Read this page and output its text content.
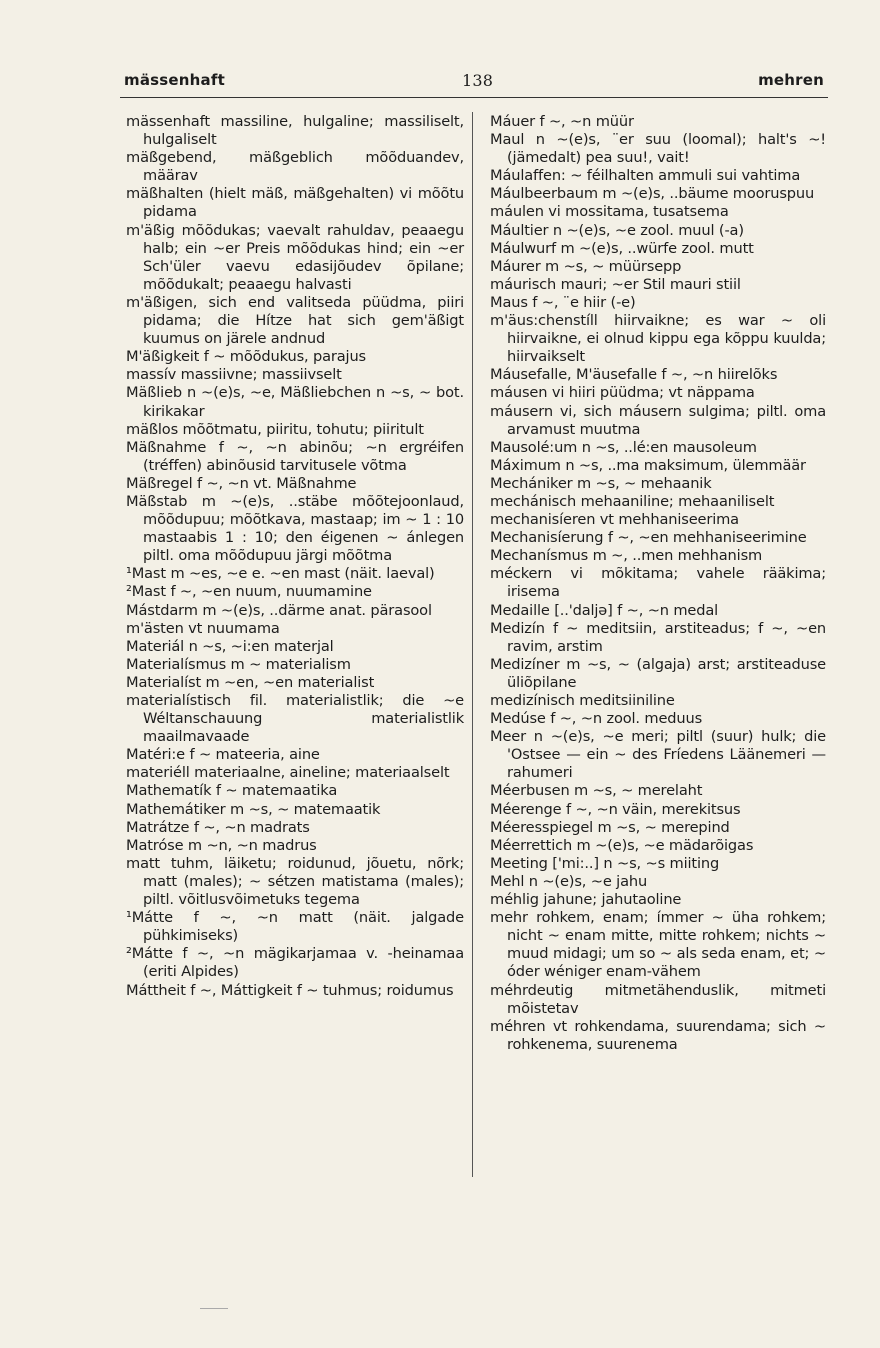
mässenhaft	138	mehren

mässenhaft massiline, hulgaline; massiliselt, hulgaliselt

mäßgebend, mäßgeblich mõõduandev, määrav

mäßhalten (hielt mäß, mäßgehalten) vi mõõtu pidama

m'äßig mõõdukas; vaevalt rahuldav, peaaegu halb; ein ~er Preis mõõdukas hind; ein ~er Sch'üler vaevu edasijõudev õpilane; mõõdukalt; peaaegu halvasti

m'äßigen, sich end valitseda püüdma, piiri pidama; die Hítze hat sich gem'äßigt kuumus on järele andnud

M'äßigkeit f ~ mõõdukus, parajus

massív massiivne; massiivselt

Mäßlieb n ~(e)s, ~e, Mäßliebchen n ~s, ~ bot. kirikakar

mäßlos mõõtmatu, piiritu, tohutu; piiritult

Mäßnahme f ~, ~n abinõu; ~n ergréifen (tréffen) abinõusid tarvitusele võtma

Mäßregel f ~, ~n vt. Mäßnahme

Mäßstab m ~(e)s, ..stäbe mõõtejoonlaud, mõõdupuu; mõõtkava, mastaap; im ~ 1 : 10 mastaabis 1 : 10; den éigenen ~ ánlegen piltl. oma mõõdupuu järgi mõõtma

¹Mast m ~es, ~e e. ~en mast (näit. laeval)

²Mast f ~, ~en nuum, nuumamine

Mástdarm m ~(e)s, ..därme anat. pärasool

m'ästen vt nuumama

Materiál n ~s, ~i:en materjal

Materialísmus m ~ materialism

Materialíst m ~en, ~en materialist

materialístisch fil. materialistlik; die ~e Wéltanschauung materialistlik maailmavaade

Matéri:e f ~ mateeria, aine

materiéll materiaalne, aineline; materiaalselt

Mathematík f ~ matemaatika

Mathemátiker m ~s, ~ matemaatik

Matrátze f ~, ~n madrats

Matróse m ~n, ~n madrus

matt tuhm, läiketu; roidunud, jõuetu, nõrk; matt (males); ~ sétzen matistama (males); piltl. võitlusvõimetuks tegema

¹Mátte f ~, ~n matt (näit. jalgade pühkimiseks)

²Mátte f ~, ~n mägikarjamaa v. -heinamaa (eriti Alpides)

Máttheit f ~, Máttigkeit f ~ tuhmus; roidumus

Máuer f ~, ~n müür

Maul n ~(e)s, ¨er suu (loomal); halt's ~! (jämedalt) pea suu!, vait!

Máulaffen: ~ féilhalten ammuli sui vahtima

Máulbeerbaum m ~(e)s, ..bäume mooruspuu

máulen vi mossitama, tusatsema

Máultier n ~(e)s, ~e zool. muul (-a)

Máulwurf m ~(e)s, ..würfe zool. mutt

Máurer m ~s, ~ müürsepp

máurisch mauri; ~er Stil mauri stiil

Maus f ~, ¨e hiir (-e)

m'äus:chenstíll hiirvaikne; es war ~ oli hiirvaikne, ei olnud kippu ega kõppu kuulda; hiirvaikselt

Máusefalle, M'äusefalle f ~, ~n hiirelõks

máusen vi hiiri püüdma; vt näppama

máusern vi, sich máusern sulgima; piltl. oma arvamust muutma

Mausolé:um n ~s, ..lé:en mausoleum

Máximum n ~s, ..ma maksimum, ülemmäär

Mechániker m ~s, ~ mehaanik

mechánisch mehaaniline; mehaaniliselt

mechanisíeren vt mehhaniseerima

Mechanisíerung f ~, ~en mehhaniseerimine

Mechanísmus m ~, ..men mehhanism

méckern vi mõkitama; vahele rääkima; irisema

Medaille [..'daljə] f ~, ~n medal

Medizín f ~ meditsiin, arstiteadus; f ~, ~en ravim, arstim

Medizíner m ~s, ~ (algaja) arst; arstiteaduse üliõpilane

medizínisch meditsiiniline

Medúse f ~, ~n zool. meduus

Meer n ~(e)s, ~e meri; piltl (suur) hulk; die 'Ostsee — ein ~ des Fríedens Läänemeri — rahumeri

Méerbusen m ~s, ~ merelaht

Méerenge f ~, ~n väin, merekitsus

Méeresspiegel m ~s, ~ merepind

Méerrettich m ~(e)s, ~e mädarõigas

Meeting ['mi:..] n ~s, ~s miiting

Mehl n ~(e)s, ~e jahu

méhlig jahune; jahutaoline

mehr rohkem, enam; ímmer ~ üha rohkem; nicht ~ enam mitte, mitte rohkem; nichts ~ muud midagi; um so ~ als seda enam, et; ~ óder wéniger enam-vähem

méhrdeutig mitmetähenduslik, mitmeti mõistetav

méhren vt rohkendama, suurendama; sich ~ rohkenema, suurenema
